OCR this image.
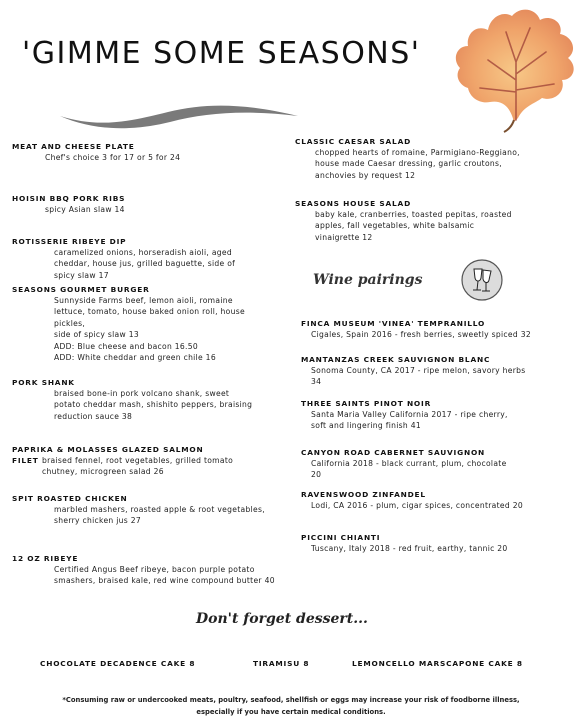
'GIMME SOME SEASONS'
MEAT AND CHEESE PLATE
Chef's choice 3 for 17 or 5 for 24
HOISIN BBQ PORK RIBS
spicy Asian slaw 14
ROTISSERIE RIBEYE DIP
caramelized onions, horseradish aioli, aged
cheddar, house jus, grilled baguette, side of
spicy slaw 17
SEASONS GOURMET BURGER
Sunnyside Farms beef, lemon aioli, romaine
lettuce, tomato, house baked onion roll, house
pickles,
side of spicy slaw 13
ADD: Blue cheese and bacon 16.50
ADD: White cheddar and green chile 16
PORK SHANK
braised bone-in pork volcano shank, sweet
potato cheddar mash, shishito peppers, braising
reduction sauce 38
PAPRIKA & MOLASSES GLAZED SALMON
FILET braised fennel, root vegetables, grilled tomato
chutney, microgreen salad 26
SPIT ROASTED CHICKEN
marbled mashers, roasted apple & root vegetables,
sherry chicken jus 27
12 OZ RIBEYE
Certified Angus Beef ribeye, bacon purple potato
smashers, braised kale, red wine compound butter 40
CLASSIC CAESAR SALAD
chopped hearts of romaine, Parmigiano-Reggiano,
house made Caesar dressing, garlic croutons,
anchovies by request 12
SEASONS HOUSE SALAD
baby kale, cranberries, toasted pepitas, roasted
apples, fall vegetables, white balsamic
vinaigrette 12
Wine pairings
FINCA MUSEUM 'VINEA' TEMPRANILLO
Cigales, Spain 2016 - fresh berries, sweetly spiced 32
MANTANZAS CREEK SAUVIGNON BLANC
Sonoma County, CA 2017 - ripe melon, savory herbs
34
THREE SAINTS PINOT NOIR
Santa Maria Valley California 2017 - ripe cherry,
soft and lingering finish 41
CANYON ROAD CABERNET SAUVIGNON
California 2018 - black currant, plum, chocolate
20
RAVENSWOOD ZINFANDEL
Lodi, CA 2016 - plum, cigar spices, concentrated 20
PICCINI CHIANTI
Tuscany, Italy 2018 - red fruit, earthy, tannic 20
Don't forget dessert...
CHOCOLATE DECADENCE CAKE 8	TIRAMISU 8	LEMONCELLO MARSCAPONE CAKE 8
*Consuming raw or undercooked meats, poultry, seafood, shellfish or eggs may increase your risk of foodborne illness,
especially if you have certain medical conditions.
